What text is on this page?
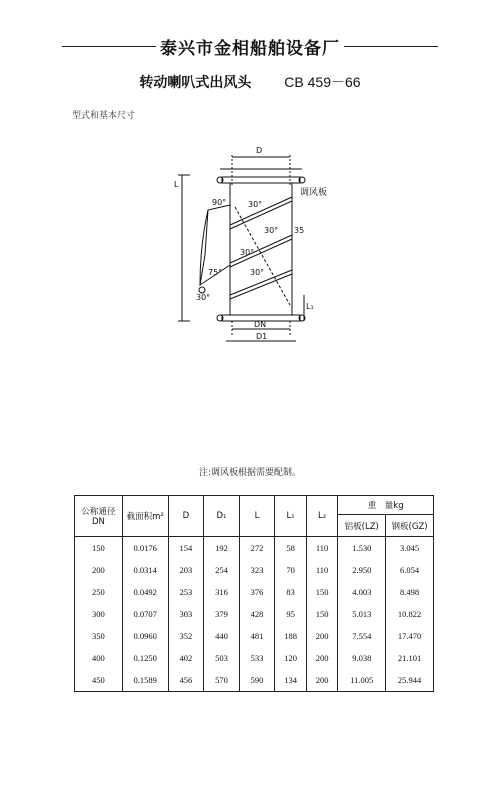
泰兴市金相船舶设备厂
转动喇叭式出风头 CB 459－66
型式和基本尺寸
D
调风板
90°	30°
30°
30°
30°
75°
30°
35
L
L₁
DN
D1
注:调风板根据需要配制。
公称通径DN	截面积m²	D	D₁	L	L₁	L₂	重　量kg	
							铝板(LZ)	钢板(GZ)
150	0.0176	154	192	272	58	110	1.530	3.045
200	0.0314	203	254	323	70	110	2.950	6.054
250	0.0492	253	316	376	83	150	4.003	8.498
300	0.0707	303	379	428	95	150	5.013	10.822
350	0.0960	352	440	481	188	200	7.554	17.470
400	0.1250	402	503	533	120	200	9.038	21.101
450	0.1589	456	570	590	134	200	11.005	25.944
